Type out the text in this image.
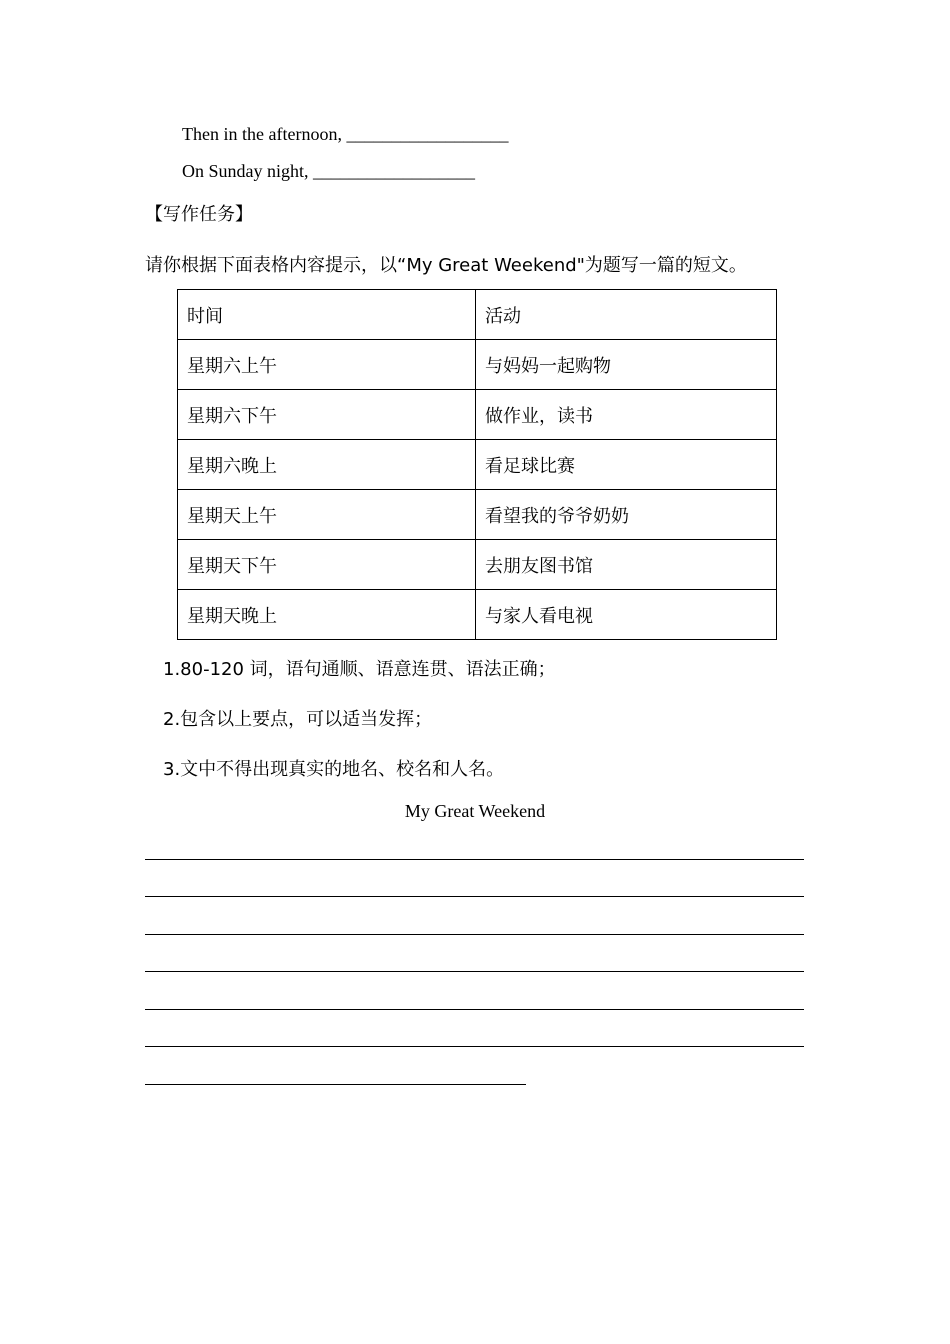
Then in the afternoon, __________________
On Sunday night, __________________
【写作任务】
请你根据下面表格内容提示，以“My Great Weekend"为题写一篇的短文。
时间	活动
星期六上午	与妈妈一起购物
星期六下午	做作业，读书
星期六晚上	看足球比赛
星期天上午	看望我的爷爷奶奶
星期天下午	去朋友图书馆
星期天晚上	与家人看电视
1.80-120 词，语句通顺、语意连贯、语法正确；
2.包含以上要点，可以适当发挥；
3.文中不得出现真实的地名、校名和人名。
My Great Weekend
